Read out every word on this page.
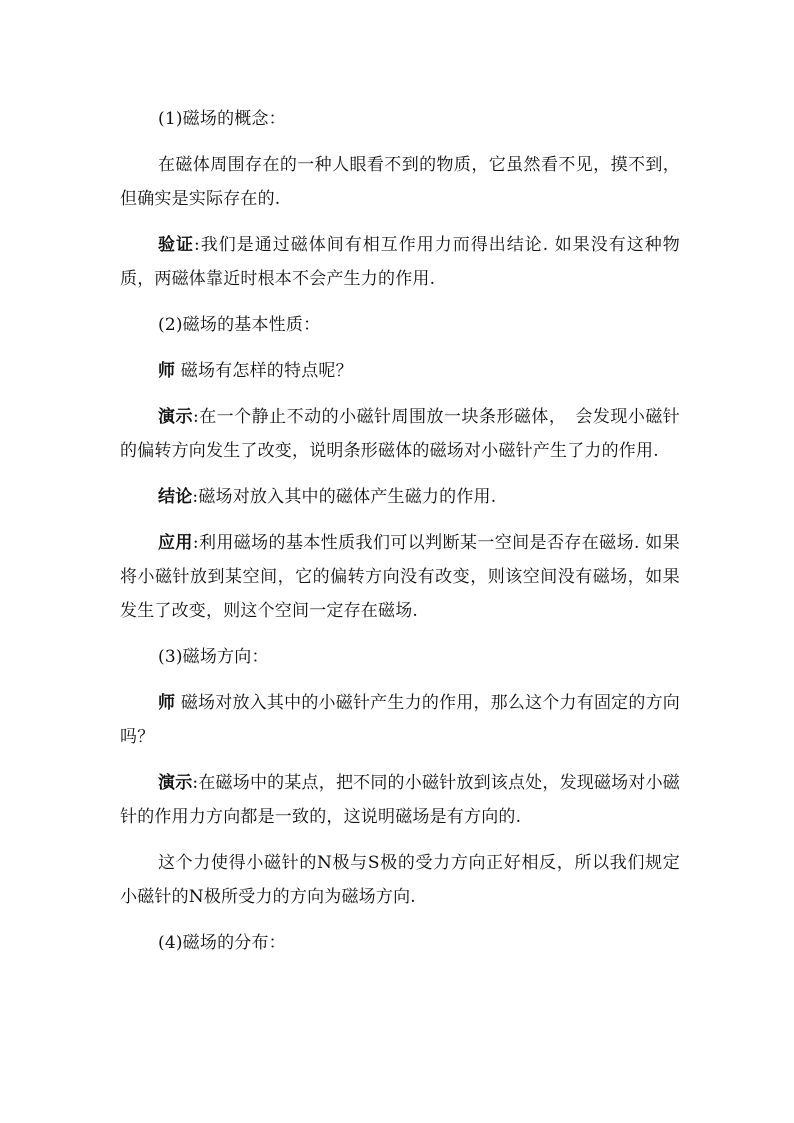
(1)磁场的概念：

在磁体周围存在的一种人眼看不到的物质，它虽然看不见，摸不到，但确实是实际存在的.

验证:我们是通过磁体间有相互作用力而得出结论. 如果没有这种物质，两磁体靠近时根本不会产生力的作用.

(2)磁场的基本性质：

师 磁场有怎样的特点呢？

演示:在一个静止不动的小磁针周围放一块条形磁体，　会发现小磁针的偏转方向发生了改变，说明条形磁体的磁场对小磁针产生了力的作用.

结论:磁场对放入其中的磁体产生磁力的作用.

应用:利用磁场的基本性质我们可以判断某一空间是否存在磁场. 如果将小磁针放到某空间，它的偏转方向没有改变，则该空间没有磁场，如果发生了改变，则这个空间一定存在磁场.

(3)磁场方向：

师 磁场对放入其中的小磁针产生力的作用，那么这个力有固定的方向吗？

演示:在磁场中的某点，把不同的小磁针放到该点处，发现磁场对小磁针的作用力方向都是一致的，这说明磁场是有方向的.

这个力使得小磁针的N极与S极的受力方向正好相反，所以我们规定小磁针的N极所受力的方向为磁场方向.

(4)磁场的分布：
